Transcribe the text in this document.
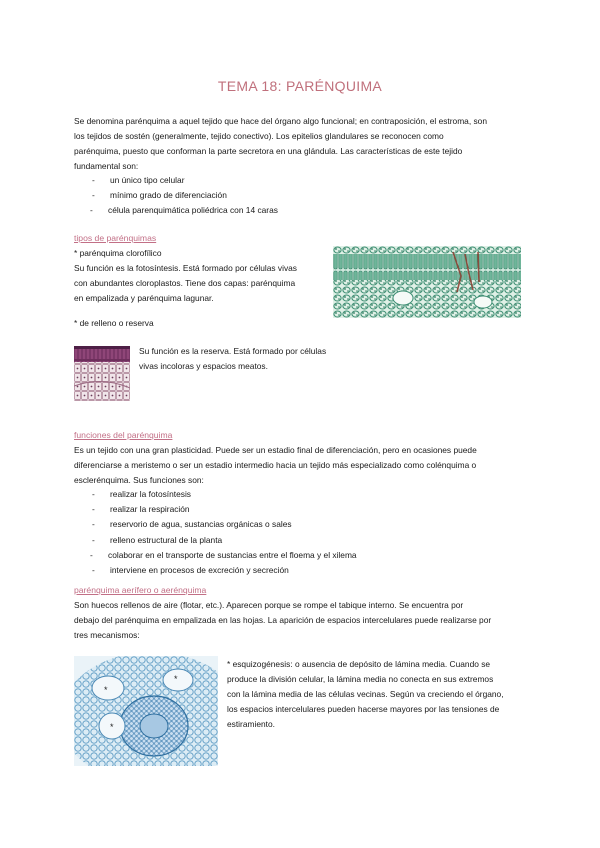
TEMA 18: PARÉNQUIMA
Se denomina parénquima a aquel tejido que hace del órgano algo funcional; en contraposición, el estroma, son
los tejidos de sostén (generalmente, tejido conectivo). Los epitelios glandulares se reconocen como
parénquima, puesto que conforman la parte secretora en una glándula. Las características de este tejido
fundamental son:
- un único tipo celular
- mínimo grado de diferenciación
- célula parenquimática poliédrica con 14 caras
tipos de parénquimas
* parénquima clorofílico
Su función es la fotosíntesis. Está formado por células vivas
con abundantes cloroplastos. Tiene dos capas: parénquima
en empalizada y parénquima lagunar.
* de relleno o reserva
Su función es la reserva. Está formado por células
vivas incoloras y espacios meatos.
funciones del parénquima
Es un tejido con una gran plasticidad. Puede ser un estadio final de diferenciación, pero en ocasiones puede
diferenciarse a meristemo o ser un estadio intermedio hacia un tejido más especializado como colénquima o
esclerénquima. Sus funciones son:
- realizar la fotosíntesis
- realizar la respiración
- reservorio de agua, sustancias orgánicas o sales
- relleno estructural de la planta
- colaborar en el transporte de sustancias entre el floema y el xilema
- interviene en procesos de excreción y secreción
parénquima aerífero o aerénquima
Son huecos rellenos de aire (flotar, etc.). Aparecen porque se rompe el tabique interno. Se encuentra por
debajo del parénquima en empalizada en las hojas. La aparición de espacios intercelulares puede realizarse por
tres mecanismos:
*
*
*
* esquizogénesis: o ausencia de depósito de lámina media. Cuando se
produce la división celular, la lámina media no conecta en sus extremos
con la lámina media de las células vecinas. Según va creciendo el órgano,
los espacios intercelulares pueden hacerse mayores por las tensiones de
estiramiento.
